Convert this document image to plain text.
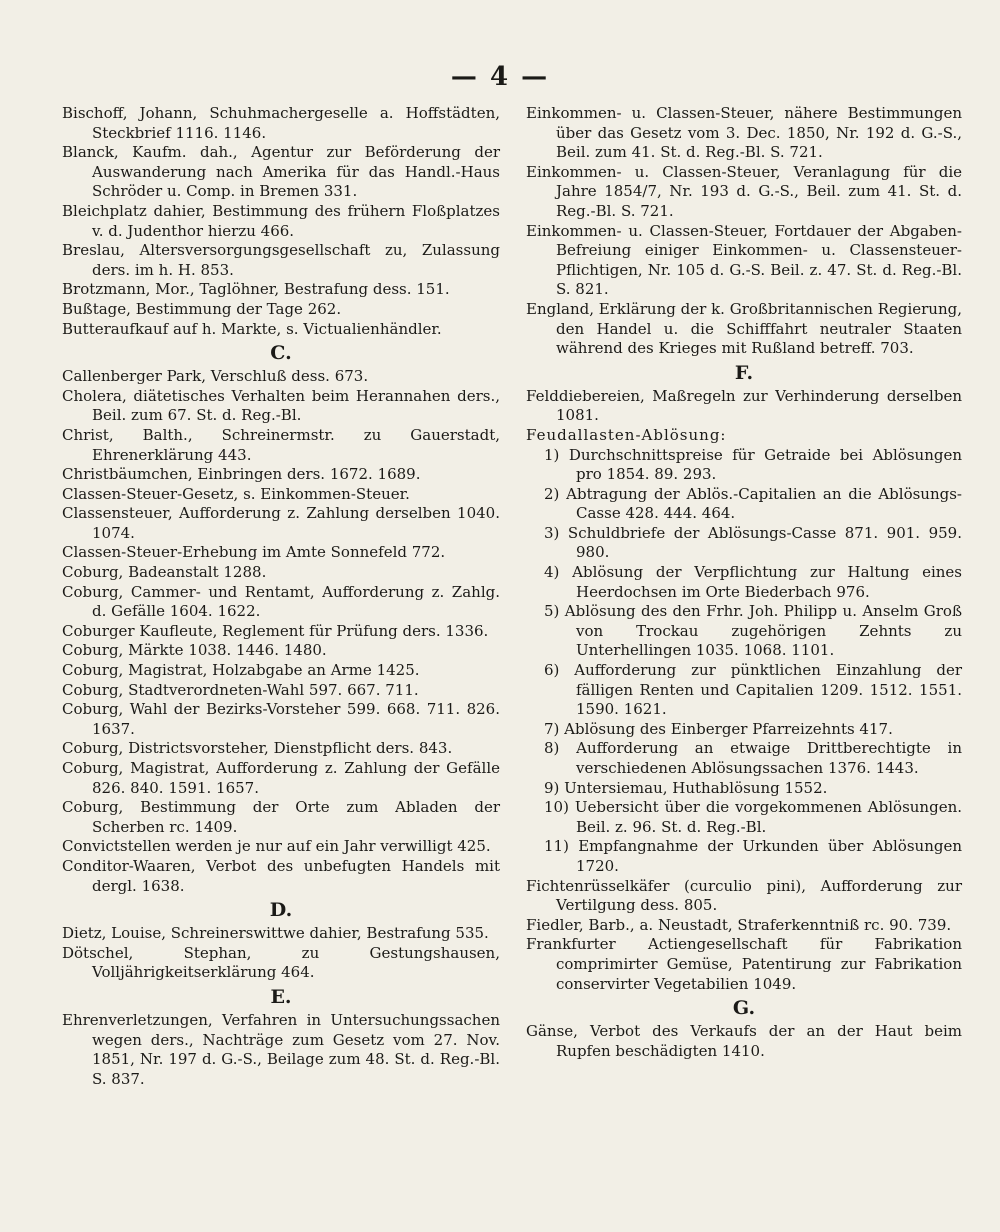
— 4 —

Bischoff, Johann, Schuhmachergeselle a. Hoffstädten, Steckbrief 1116. 1146.

Blanck, Kaufm. dah., Agentur zur Beförderung der Auswanderung nach Amerika für das Handl.-Haus Schröder u. Comp. in Bremen 331.

Bleichplatz dahier, Bestimmung des frühern Floßplatzes v. d. Judenthor hierzu 466.

Breslau, Altersversorgungsgesellschaft zu, Zulassung ders. im h. H. 853.

Brotzmann, Mor., Taglöhner, Bestrafung dess. 151.

Bußtage, Bestimmung der Tage 262.

Butteraufkauf auf h. Markte, s. Victualienhändler.

C.

Callenberger Park, Verschluß dess. 673.

Cholera, diätetisches Verhalten beim Herannahen ders., Beil. zum 67. St. d. Reg.-Bl.

Christ, Balth., Schreinermstr. zu Gauerstadt, Ehrenerklärung 443.

Christbäumchen, Einbringen ders. 1672. 1689.

Classen-Steuer-Gesetz, s. Einkommen-Steuer.

Classensteuer, Aufforderung z. Zahlung derselben 1040. 1074.

Classen-Steuer-Erhebung im Amte Sonnefeld 772.

Coburg, Badeanstalt 1288.

Coburg, Cammer- und Rentamt, Aufforderung z. Zahlg. d. Gefälle 1604. 1622.

Coburger Kaufleute, Reglement für Prüfung ders. 1336.

Coburg, Märkte 1038. 1446. 1480.

Coburg, Magistrat, Holzabgabe an Arme 1425.

Coburg, Stadtverordneten-Wahl 597. 667. 711.

Coburg, Wahl der Bezirks-Vorsteher 599. 668. 711. 826. 1637.

Coburg, Districtsvorsteher, Dienstpflicht ders. 843.

Coburg, Magistrat, Aufforderung z. Zahlung der Gefälle 826. 840. 1591. 1657.

Coburg, Bestimmung der Orte zum Abladen der Scherben rc. 1409.

Convictstellen werden je nur auf ein Jahr verwilligt 425.

Conditor-Waaren, Verbot des unbefugten Handels mit dergl. 1638.

D.

Dietz, Louise, Schreinerswittwe dahier, Bestrafung 535.

Dötschel, Stephan, zu Gestungshausen, Volljährigkeitserklärung 464.

E.

Ehrenverletzungen, Verfahren in Untersuchungssachen wegen ders., Nachträge zum Gesetz vom 27. Nov. 1851, Nr. 197 d. G.-S., Beilage zum 48. St. d. Reg.-Bl. S. 837.

Einkommen- u. Classen-Steuer, nähere Bestimmungen über das Gesetz vom 3. Dec. 1850, Nr. 192 d. G.-S., Beil. zum 41. St. d. Reg.-Bl. S. 721.

Einkommen- u. Classen-Steuer, Veranlagung für die Jahre 1854/7, Nr. 193 d. G.-S., Beil. zum 41. St. d. Reg.-Bl. S. 721.

Einkommen- u. Classen-Steuer, Fortdauer der Abgaben-Befreiung einiger Einkommen- u. Classensteuer-Pflichtigen, Nr. 105 d. G.-S. Beil. z. 47. St. d. Reg.-Bl. S. 821.

England, Erklärung der k. Großbritannischen Regierung, den Handel u. die Schifffahrt neutraler Staaten während des Krieges mit Rußland betreff. 703.

F.

Felddiebereien, Maßregeln zur Verhinderung derselben 1081.

Feudallasten-Ablösung:

1) Durchschnittspreise für Getraide bei Ablösungen pro 1854. 89. 293.

2) Abtragung der Ablös.-Capitalien an die Ablösungs-Casse 428. 444. 464.

3) Schuldbriefe der Ablösungs-Casse 871. 901. 959. 980.

4) Ablösung der Verpflichtung zur Haltung eines Heerdochsen im Orte Biederbach 976.

5) Ablösung des den Frhr. Joh. Philipp u. Anselm Groß von Trockau zugehörigen Zehnts zu Unterhellingen 1035. 1068. 1101.

6) Aufforderung zur pünktlichen Einzahlung der fälligen Renten und Capitalien 1209. 1512. 1551. 1590. 1621.

7) Ablösung des Einberger Pfarreizehnts 417.

8) Aufforderung an etwaige Drittberechtigte in verschiedenen Ablösungssachen 1376. 1443.

9) Untersiemau, Huthablösung 1552.

10) Uebersicht über die vorgekommenen Ablösungen. Beil. z. 96. St. d. Reg.-Bl.

11) Empfangnahme der Urkunden über Ablösungen 1720.

Fichtenrüsselkäfer (curculio pini), Aufforderung zur Vertilgung dess. 805.

Fiedler, Barb., a. Neustadt, Straferkenntniß rc. 90. 739.

Frankfurter Actiengesellschaft für Fabrikation comprimirter Gemüse, Patentirung zur Fabrikation conservirter Vegetabilien 1049.

G.

Gänse, Verbot des Verkaufs der an der Haut beim Rupfen beschädigten 1410.
